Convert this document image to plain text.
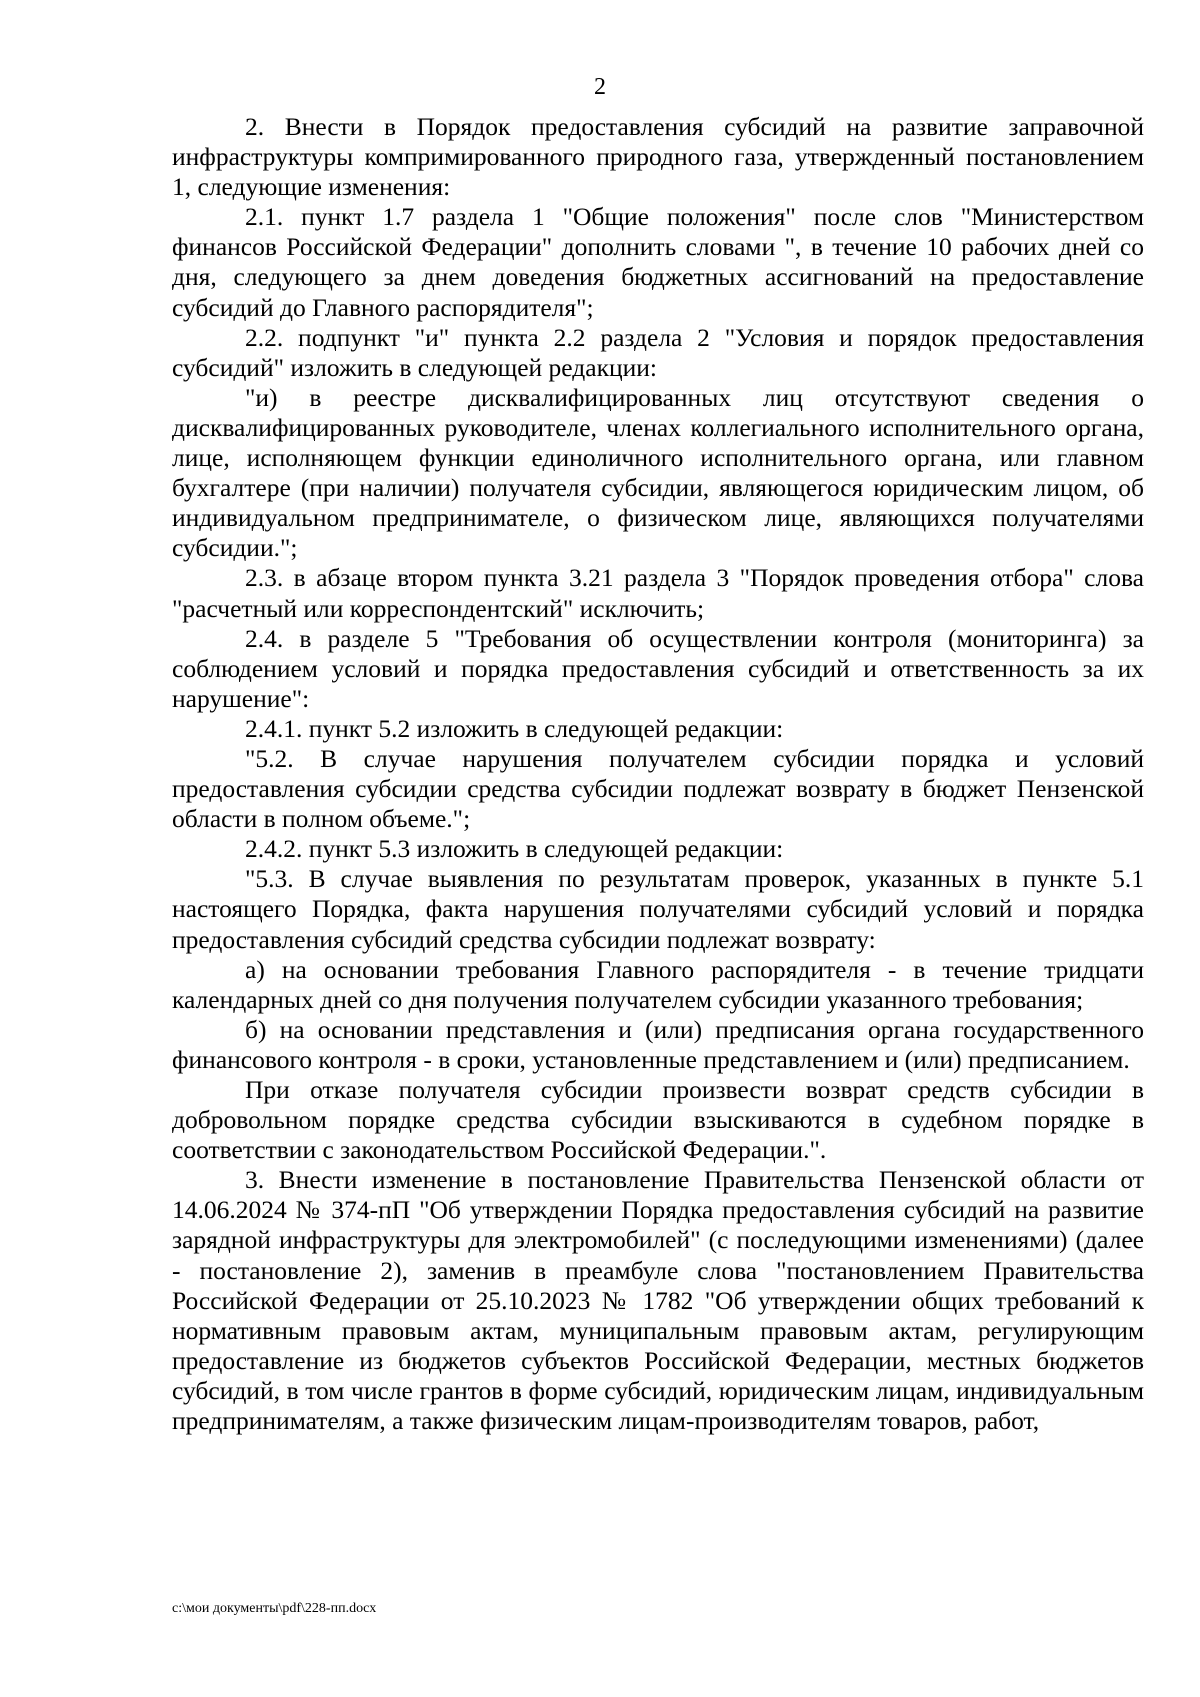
2

2. Внести в Порядок предоставления субсидий на развитие заправочной инфраструктуры компримированного природного газа, утвержденный постановлением 1, следующие изменения:

2.1. пункт 1.7 раздела 1 "Общие положения" после слов "Министерством финансов Российской Федерации" дополнить словами ", в течение 10 рабочих дней со дня, следующего за днем доведения бюджетных ассигнований на предоставление субсидий до Главного распорядителя";

2.2. подпункт "и" пункта 2.2 раздела 2 "Условия и порядок предоставления субсидий" изложить в следующей редакции:

"и) в реестре дисквалифицированных лиц отсутствуют сведения о дисквалифицированных руководителе, членах коллегиального исполнительного органа, лице, исполняющем функции единоличного исполнительного органа, или главном бухгалтере (при наличии) получателя субсидии, являющегося юридическим лицом, об индивидуальном предпринимателе, о физическом лице, являющихся получателями субсидии.";

2.3. в абзаце втором пункта 3.21 раздела 3 "Порядок проведения отбора" слова "расчетный или корреспондентский" исключить;

2.4. в разделе 5 "Требования об осуществлении контроля (мониторинга) за соблюдением условий и порядка предоставления субсидий и ответственность за их нарушение":

2.4.1. пункт 5.2 изложить в следующей редакции:

"5.2. В случае нарушения получателем субсидии порядка и условий предоставления субсидии средства субсидии подлежат возврату в бюджет Пензенской области в полном объеме.";

2.4.2. пункт 5.3 изложить в следующей редакции:

"5.3. В случае выявления по результатам проверок, указанных в пункте 5.1 настоящего Порядка, факта нарушения получателями субсидий условий и порядка предоставления субсидий средства субсидии подлежат возврату:

а) на основании требования Главного распорядителя - в течение тридцати календарных дней со дня получения получателем субсидии указанного требования;

б) на основании представления и (или) предписания органа государственного финансового контроля - в сроки, установленные представлением и (или) предписанием.

При отказе получателя субсидии произвести возврат средств субсидии в добровольном порядке средства субсидии взыскиваются в судебном порядке в соответствии с законодательством Российской Федерации.".

3. Внести изменение в постановление Правительства Пензенской области от 14.06.2024 № 374-пП "Об утверждении Порядка предоставления субсидий на развитие зарядной инфраструктуры для электромобилей" (с последующими изменениями) (далее - постановление 2), заменив в преамбуле слова "постановлением Правительства Российской Федерации от 25.10.2023 № 1782 "Об утверждении общих требований к нормативным правовым актам, муниципальным правовым актам, регулирующим предоставление из бюджетов субъектов Российской Федерации, местных бюджетов субсидий, в том числе грантов в форме субсидий, юридическим лицам, индивидуальным предпринимателям, а также физическим лицам-производителям товаров, работ,

c:\мои документы\pdf\228-пп.docx
